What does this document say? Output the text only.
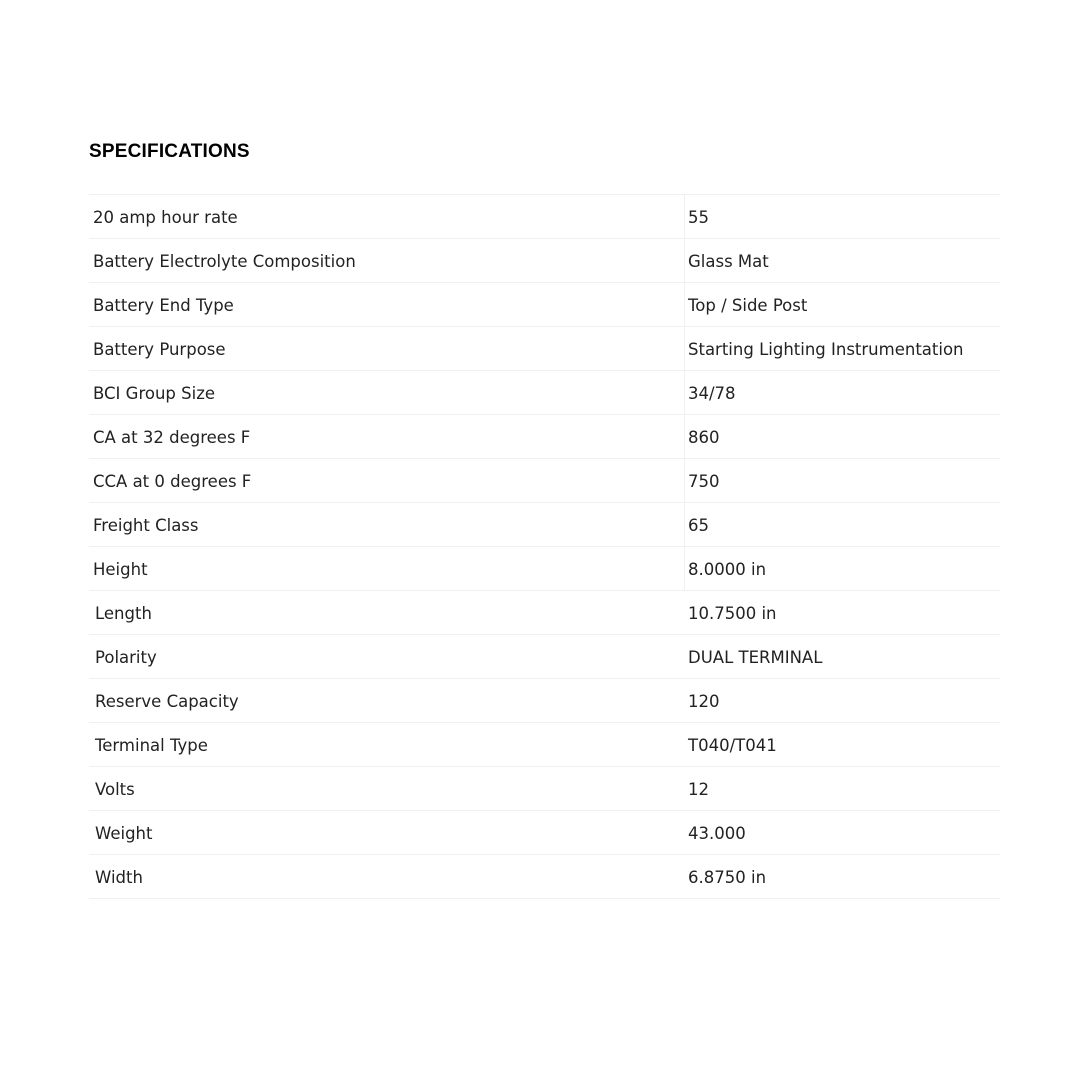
SPECIFICATIONS
20 amp hour rate	55
Battery Electrolyte Composition	Glass Mat
Battery End Type	Top / Side Post
Battery Purpose	Starting Lighting Instrumentation
BCI Group Size	34/78
CA at 32 degrees F	860
CCA at 0 degrees F	750
Freight Class	65
Height	8.0000 in
Length	10.7500 in
Polarity	DUAL TERMINAL
Reserve Capacity	120
Terminal Type	T040/T041
Volts	12
Weight	43.000
Width	6.8750 in
